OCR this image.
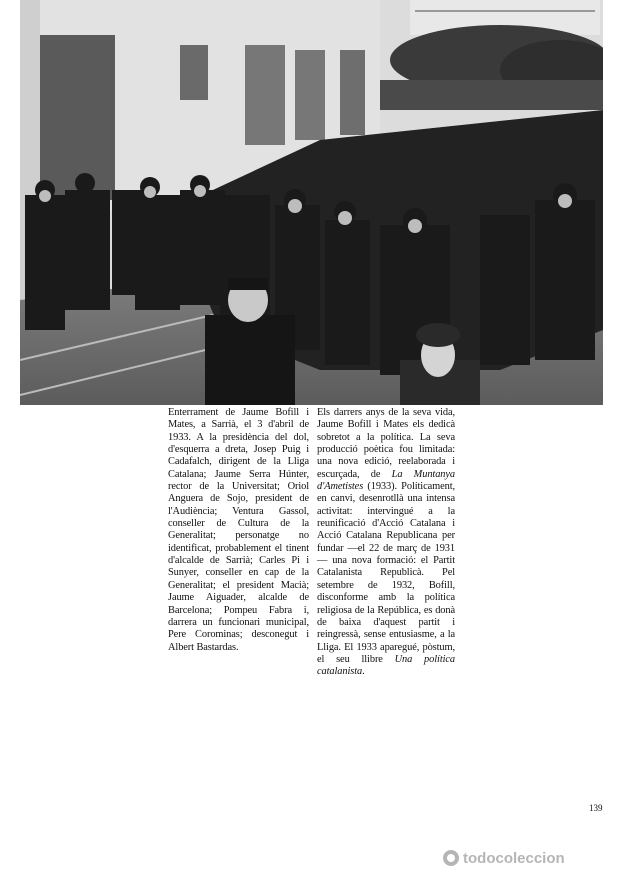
Enterrament de Jaume Bofill i Mates, a Sarrià, el 3 d'abril de 1933. A la presidència del dol, d'esquerra a dreta, Josep Puig i Cadafalch, dirigent de la Lliga Catalana; Jaume Serra Húnter, rector de la Universitat; Oriol Anguera de Sojo, president de l'Audiència; Ventura Gassol, conseller de Cultura de la Generalitat; personatge no identificat, probablement el tinent d'alcalde de Sarrià; Carles Pi i Sunyer, conseller en cap de la Generalitat; el president Macià; Jaume Aiguader, alcalde de Barcelona; Pompeu Fabra i, darrera un funcionari municipal, Pere Corominas; desconegut i Albert Bastardas.
Els darrers anys de la seva vida, Jaume Bofill i Mates els dedicà sobretot a la política. La seva producció poètica fou limitada: una nova edició, reelaborada i escurçada, de La Muntanya d'Ametistes (1933). Políticament, en canvi, desenrotllà una intensa activitat: intervingué a la reunificació d'Acció Catalana i Acció Catalana Republicana per fundar —el 22 de març de 1931— una nova formació: el Partit Catalanista Republicà. Pel setembre de 1932, Bofill, disconforme amb la política religiosa de la República, es donà de baixa d'aquest partit i reingressà, sense entusiasme, a la Lliga. El 1933 aparegué, pòstum, el seu llibre Una política catalanista.
139
todocoleccion
